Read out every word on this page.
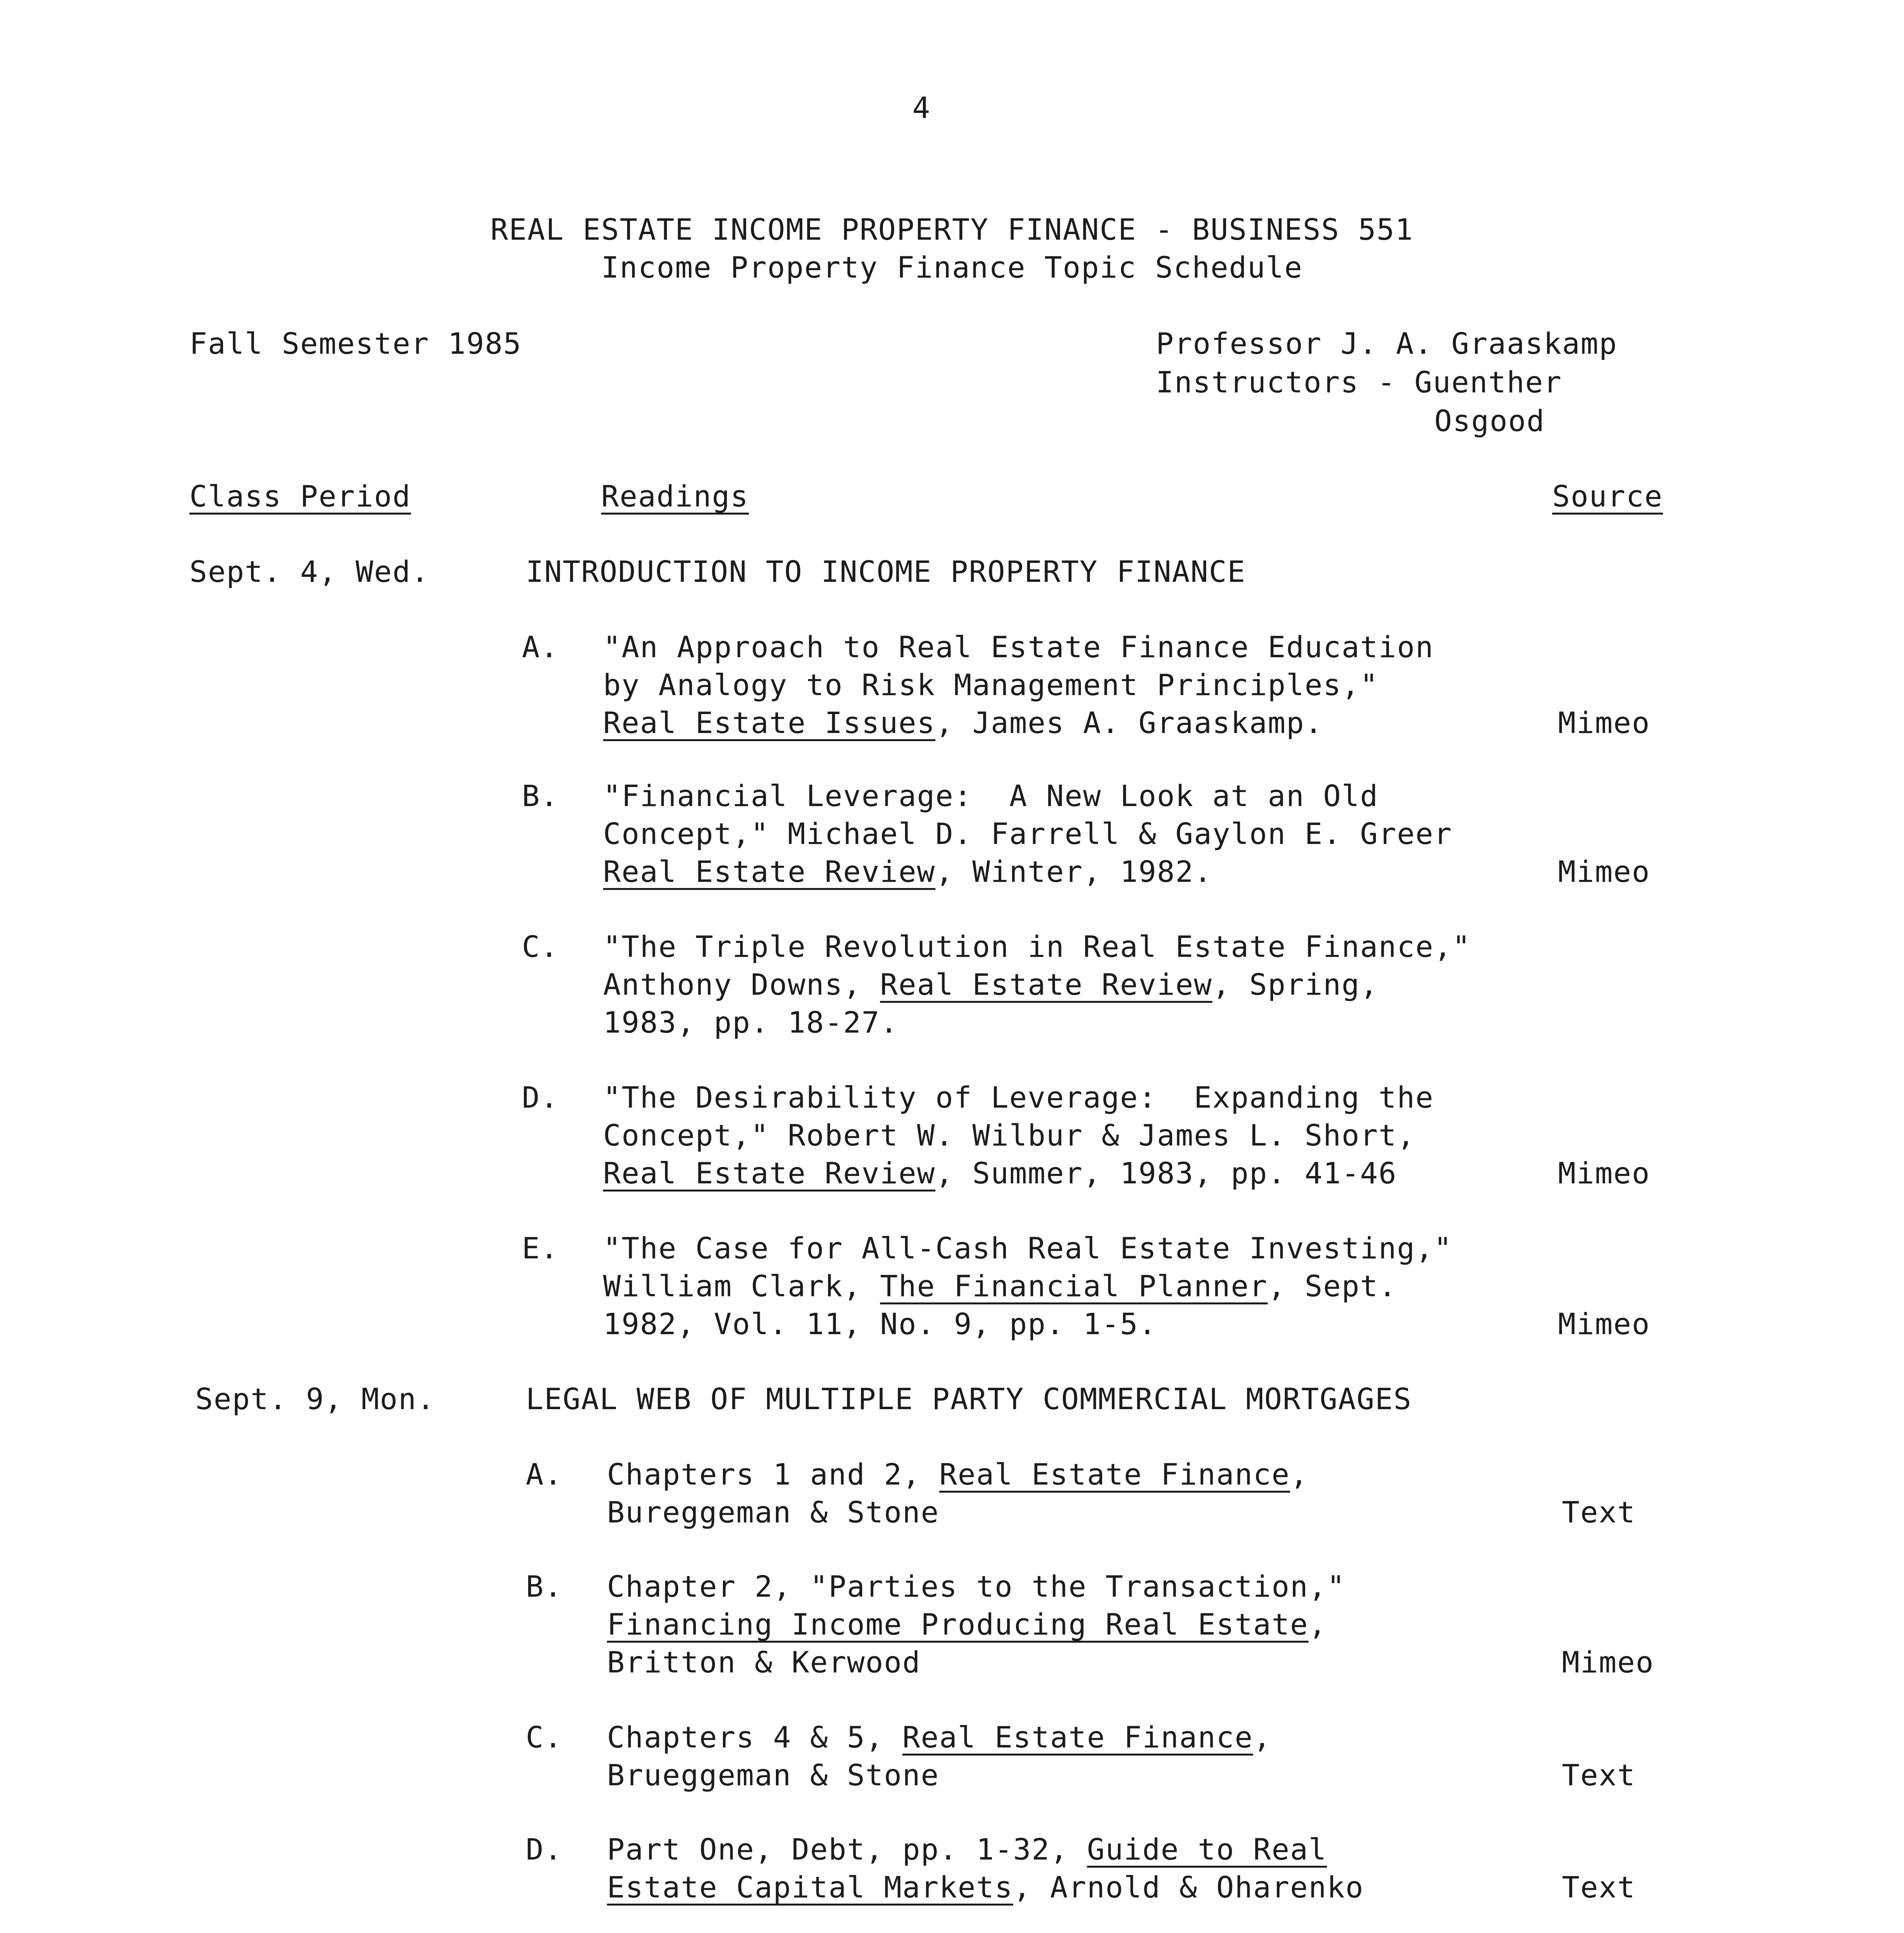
4
REAL ESTATE INCOME PROPERTY FINANCE - BUSINESS 551
Income Property Finance Topic Schedule
Fall Semester 1985	Professor J. A. Graaskamp
Instructors - Guenther
Osgood
Class Period	Readings	Source
Sept. 4, Wed.	INTRODUCTION TO INCOME PROPERTY FINANCE
A. "An Approach to Real Estate Finance Education
by Analogy to Risk Management Principles,"
Real Estate Issues, James A. Graaskamp.	Mimeo
B. "Financial Leverage:  A New Look at an Old
Concept," Michael D. Farrell & Gaylon E. Greer
Real Estate Review, Winter, 1982.	Mimeo
C. "The Triple Revolution in Real Estate Finance,"
Anthony Downs, Real Estate Review, Spring,
1983, pp. 18-27.
D. "The Desirability of Leverage:  Expanding the
Concept," Robert W. Wilbur & James L. Short,
Real Estate Review, Summer, 1983, pp. 41-46	Mimeo
E. "The Case for All-Cash Real Estate Investing,"
William Clark, The Financial Planner, Sept.
1982, Vol. 11, No. 9, pp. 1-5.	Mimeo
Sept. 9, Mon.	LEGAL WEB OF MULTIPLE PARTY COMMERCIAL MORTGAGES
A. Chapters 1 and 2, Real Estate Finance,
Bureggeman & Stone	Text
B. Chapter 2, "Parties to the Transaction,"
Financing Income Producing Real Estate,
Britton & Kerwood	Mimeo
C. Chapters 4 & 5, Real Estate Finance,
Brueggeman & Stone	Text
D. Part One, Debt, pp. 1-32, Guide to Real
Estate Capital Markets, Arnold & Oharenko	Text
